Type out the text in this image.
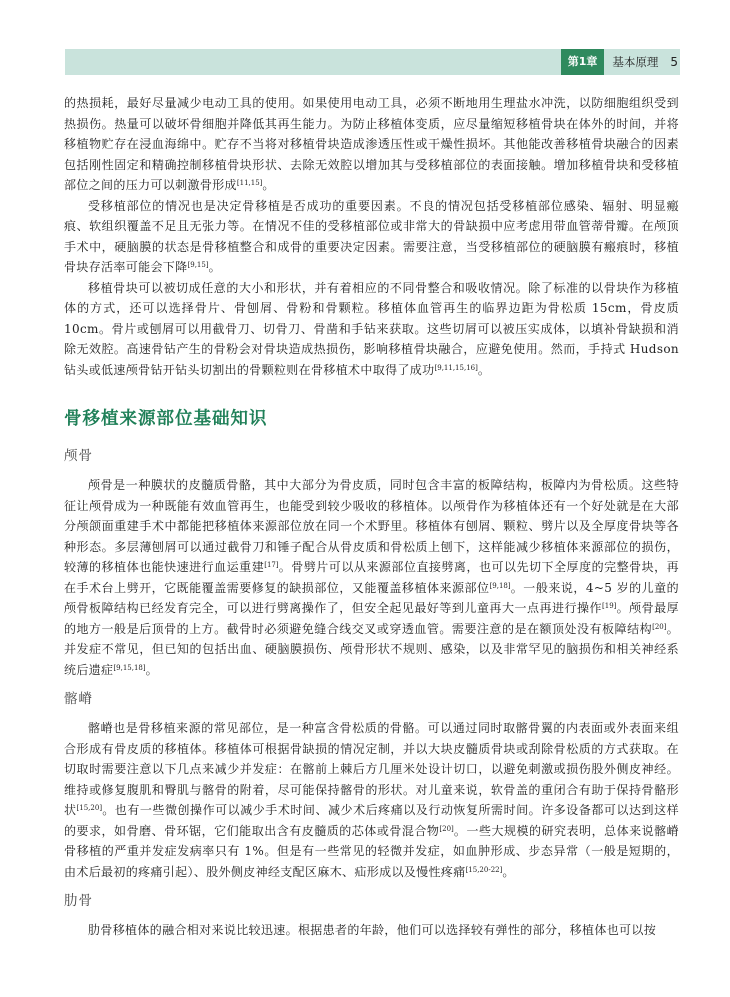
第1章	基本原理	5

的热损耗，最好尽量减少电动工具的使用。如果使用电动工具，必须不断地用生理盐水冲洗，以防细胞组织受到热损伤。热量可以破坏骨细胞并降低其再生能力。为防止移植体变质，应尽量缩短移植骨块在体外的时间，并将移植物贮存在浸血海绵中。贮存不当将对移植骨块造成渗透压性或干燥性损坏。其他能改善移植骨块融合的因素包括刚性固定和精确控制移植骨块形状、去除无效腔以增加其与受移植部位的表面接触。增加移植骨块和受移植部位之间的压力可以刺激骨形成[11,15]。

受移植部位的情况也是决定骨移植是否成功的重要因素。不良的情况包括受移植部位感染、辐射、明显瘢痕、软组织覆盖不足且无张力等。在情况不佳的受移植部位或非常大的骨缺损中应考虑用带血管蒂骨瓣。在颅顶手术中，硬脑膜的状态是骨移植整合和成骨的重要决定因素。需要注意，当受移植部位的硬脑膜有瘢痕时，移植骨块存活率可能会下降[9,15]。

移植骨块可以被切成任意的大小和形状，并有着相应的不同骨整合和吸收情况。除了标准的以骨块作为移植体的方式，还可以选择骨片、骨刨屑、骨粉和骨颗粒。移植体血管再生的临界边距为骨松质 15cm，骨皮质 10cm。骨片或刨屑可以用截骨刀、切骨刀、骨凿和手钻来获取。这些切屑可以被压实成体，以填补骨缺损和消除无效腔。高速骨钻产生的骨粉会对骨块造成热损伤，影响移植骨块融合，应避免使用。然而，手持式 Hudson 钻头或低速颅骨钻开钻头切割出的骨颗粒则在骨移植术中取得了成功[9,11,15,16]。

骨移植来源部位基础知识
颅骨

颅骨是一种膜状的皮髓质骨骼，其中大部分为骨皮质，同时包含丰富的板障结构，板障内为骨松质。这些特征让颅骨成为一种既能有效血管再生，也能受到较少吸收的移植体。以颅骨作为移植体还有一个好处就是在大部分颅颌面重建手术中都能把移植体来源部位放在同一个术野里。移植体有刨屑、颗粒、劈片以及全厚度骨块等各种形态。多层薄刨屑可以通过截骨刀和锤子配合从骨皮质和骨松质上刨下，这样能减少移植体来源部位的损伤，较薄的移植体也能快速进行血运重建[17]。骨劈片可以从来源部位直接劈离，也可以先切下全厚度的完整骨块，再在手术台上劈开，它既能覆盖需要修复的缺损部位，又能覆盖移植体来源部位[9,18]。一般来说，4~5 岁的儿童的颅骨板障结构已经发育完全，可以进行劈离操作了，但安全起见最好等到儿童再大一点再进行操作[19]。颅骨最厚的地方一般是后顶骨的上方。截骨时必须避免缝合线交叉或穿透血管。需要注意的是在额顶处没有板障结构[20]。并发症不常见，但已知的包括出血、硬脑膜损伤、颅骨形状不规则、感染，以及非常罕见的脑损伤和相关神经系统后遗症[9,15,18]。

髂嵴

髂嵴也是骨移植来源的常见部位，是一种富含骨松质的骨骼。可以通过同时取髂骨翼的内表面或外表面来组合形成有骨皮质的移植体。移植体可根据骨缺损的情况定制，并以大块皮髓质骨块或刮除骨松质的方式获取。在切取时需要注意以下几点来减少并发症：在髂前上棘后方几厘米处设计切口，以避免刺激或损伤股外侧皮神经。维持或修复腹肌和臀肌与髂骨的附着，尽可能保持髂骨的形状。对儿童来说，软骨盖的重闭合有助于保持骨骼形状[15,20]。也有一些微创操作可以减少手术时间、减少术后疼痛以及行动恢复所需时间。许多设备都可以达到这样的要求，如骨磨、骨环锯，它们能取出含有皮髓质的芯体或骨混合物[20]。一些大规模的研究表明，总体来说髂嵴骨移植的严重并发症发病率只有 1%。但是有一些常见的轻微并发症，如血肿形成、步态异常（一般是短期的，由术后最初的疼痛引起）、股外侧皮神经支配区麻木、疝形成以及慢性疼痛[15,20-22]。

肋骨

肋骨移植体的融合相对来说比较迅速。根据患者的年龄，他们可以选择较有弹性的部分，移植体也可以按
